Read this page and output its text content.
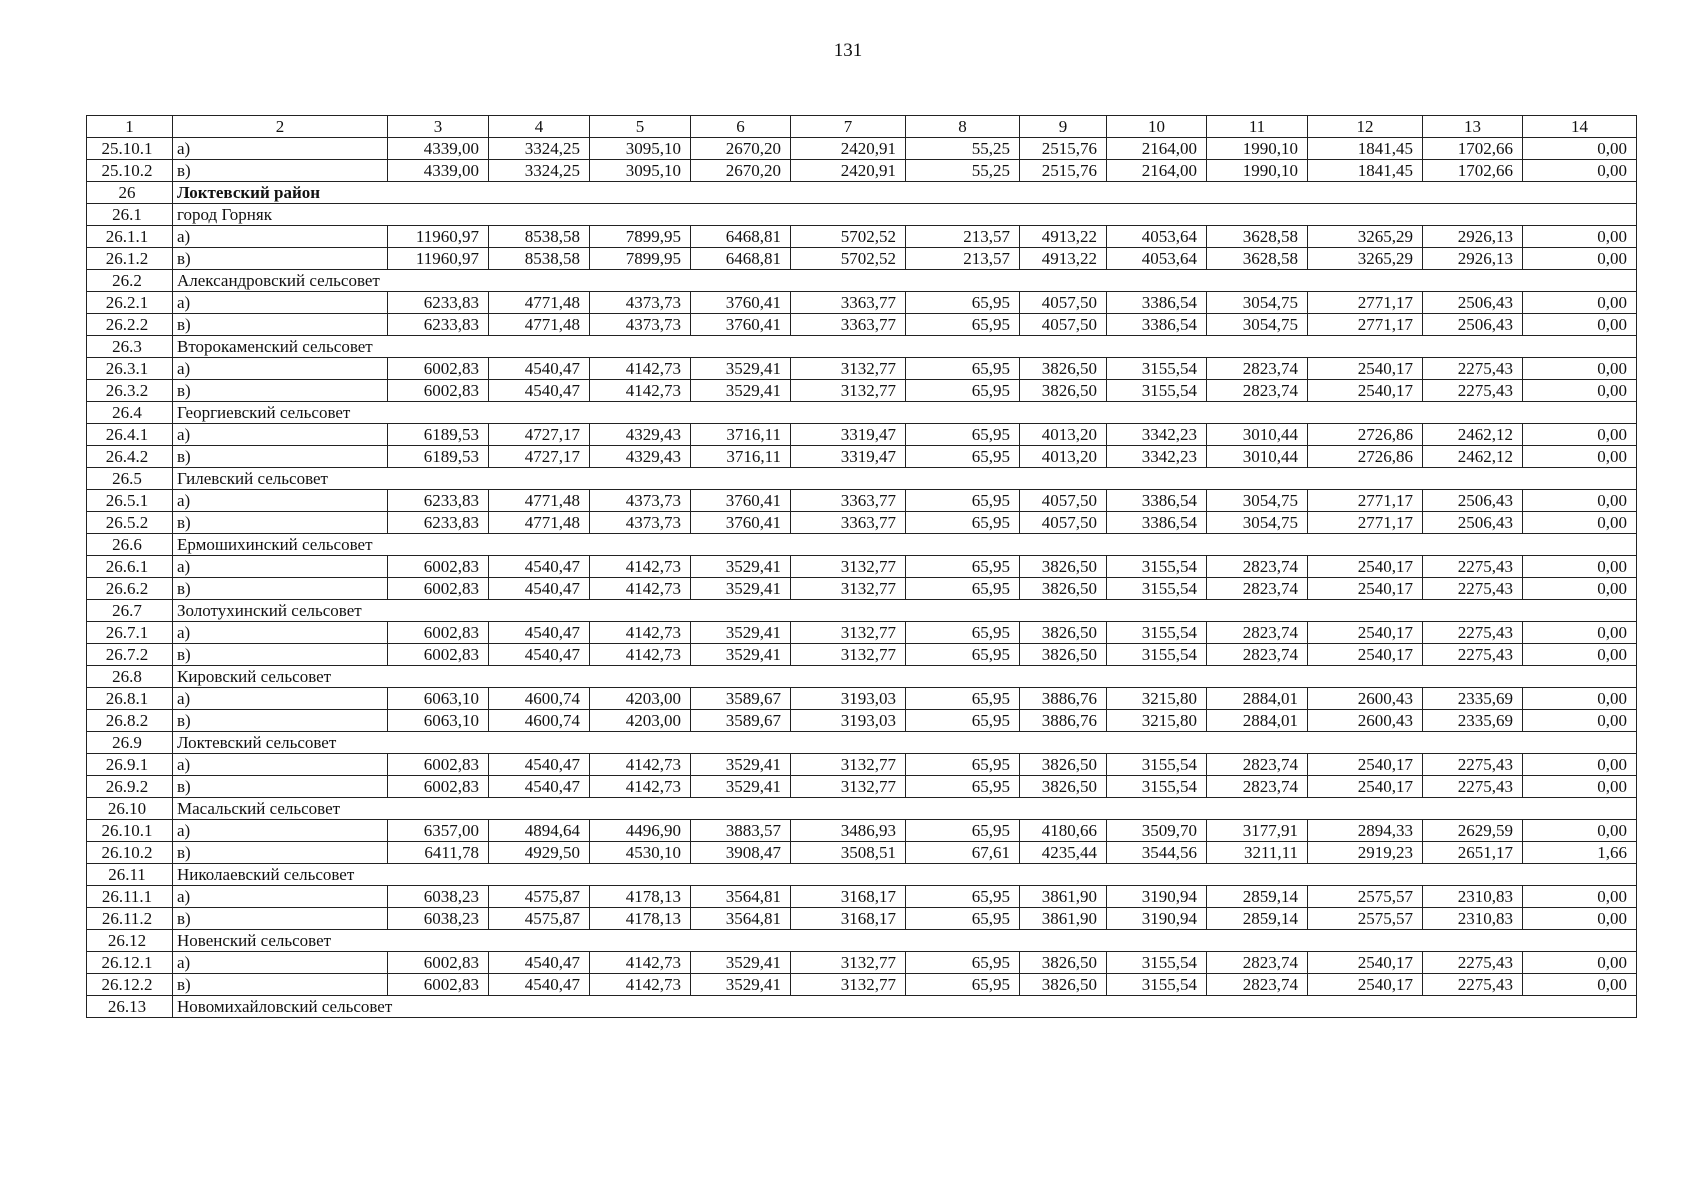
131
1	2	3	4	5	6	7	8	9	10	11	12	13	14
25.10.1	а)	4339,00	3324,25	3095,10	2670,20	2420,91	55,25	2515,76	2164,00	1990,10	1841,45	1702,66	0,00
25.10.2	в)	4339,00	3324,25	3095,10	2670,20	2420,91	55,25	2515,76	2164,00	1990,10	1841,45	1702,66	0,00
26	Локтевский район												
26.1	город Горняк												
26.1.1	а)	11960,97	8538,58	7899,95	6468,81	5702,52	213,57	4913,22	4053,64	3628,58	3265,29	2926,13	0,00
26.1.2	в)	11960,97	8538,58	7899,95	6468,81	5702,52	213,57	4913,22	4053,64	3628,58	3265,29	2926,13	0,00
26.2	Александровский сельсовет												
26.2.1	а)	6233,83	4771,48	4373,73	3760,41	3363,77	65,95	4057,50	3386,54	3054,75	2771,17	2506,43	0,00
26.2.2	в)	6233,83	4771,48	4373,73	3760,41	3363,77	65,95	4057,50	3386,54	3054,75	2771,17	2506,43	0,00
26.3	Второкаменский сельсовет												
26.3.1	а)	6002,83	4540,47	4142,73	3529,41	3132,77	65,95	3826,50	3155,54	2823,74	2540,17	2275,43	0,00
26.3.2	в)	6002,83	4540,47	4142,73	3529,41	3132,77	65,95	3826,50	3155,54	2823,74	2540,17	2275,43	0,00
26.4	Георгиевский сельсовет												
26.4.1	а)	6189,53	4727,17	4329,43	3716,11	3319,47	65,95	4013,20	3342,23	3010,44	2726,86	2462,12	0,00
26.4.2	в)	6189,53	4727,17	4329,43	3716,11	3319,47	65,95	4013,20	3342,23	3010,44	2726,86	2462,12	0,00
26.5	Гилевский сельсовет												
26.5.1	а)	6233,83	4771,48	4373,73	3760,41	3363,77	65,95	4057,50	3386,54	3054,75	2771,17	2506,43	0,00
26.5.2	в)	6233,83	4771,48	4373,73	3760,41	3363,77	65,95	4057,50	3386,54	3054,75	2771,17	2506,43	0,00
26.6	Ермошихинский сельсовет												
26.6.1	а)	6002,83	4540,47	4142,73	3529,41	3132,77	65,95	3826,50	3155,54	2823,74	2540,17	2275,43	0,00
26.6.2	в)	6002,83	4540,47	4142,73	3529,41	3132,77	65,95	3826,50	3155,54	2823,74	2540,17	2275,43	0,00
26.7	Золотухинский сельсовет												
26.7.1	а)	6002,83	4540,47	4142,73	3529,41	3132,77	65,95	3826,50	3155,54	2823,74	2540,17	2275,43	0,00
26.7.2	в)	6002,83	4540,47	4142,73	3529,41	3132,77	65,95	3826,50	3155,54	2823,74	2540,17	2275,43	0,00
26.8	Кировский сельсовет												
26.8.1	а)	6063,10	4600,74	4203,00	3589,67	3193,03	65,95	3886,76	3215,80	2884,01	2600,43	2335,69	0,00
26.8.2	в)	6063,10	4600,74	4203,00	3589,67	3193,03	65,95	3886,76	3215,80	2884,01	2600,43	2335,69	0,00
26.9	Локтевский сельсовет												
26.9.1	а)	6002,83	4540,47	4142,73	3529,41	3132,77	65,95	3826,50	3155,54	2823,74	2540,17	2275,43	0,00
26.9.2	в)	6002,83	4540,47	4142,73	3529,41	3132,77	65,95	3826,50	3155,54	2823,74	2540,17	2275,43	0,00
26.10	Масальский сельсовет												
26.10.1	а)	6357,00	4894,64	4496,90	3883,57	3486,93	65,95	4180,66	3509,70	3177,91	2894,33	2629,59	0,00
26.10.2	в)	6411,78	4929,50	4530,10	3908,47	3508,51	67,61	4235,44	3544,56	3211,11	2919,23	2651,17	1,66
26.11	Николаевский сельсовет												
26.11.1	а)	6038,23	4575,87	4178,13	3564,81	3168,17	65,95	3861,90	3190,94	2859,14	2575,57	2310,83	0,00
26.11.2	в)	6038,23	4575,87	4178,13	3564,81	3168,17	65,95	3861,90	3190,94	2859,14	2575,57	2310,83	0,00
26.12	Новенский сельсовет												
26.12.1	а)	6002,83	4540,47	4142,73	3529,41	3132,77	65,95	3826,50	3155,54	2823,74	2540,17	2275,43	0,00
26.12.2	в)	6002,83	4540,47	4142,73	3529,41	3132,77	65,95	3826,50	3155,54	2823,74	2540,17	2275,43	0,00
26.13	Новомихайловский сельсовет												
